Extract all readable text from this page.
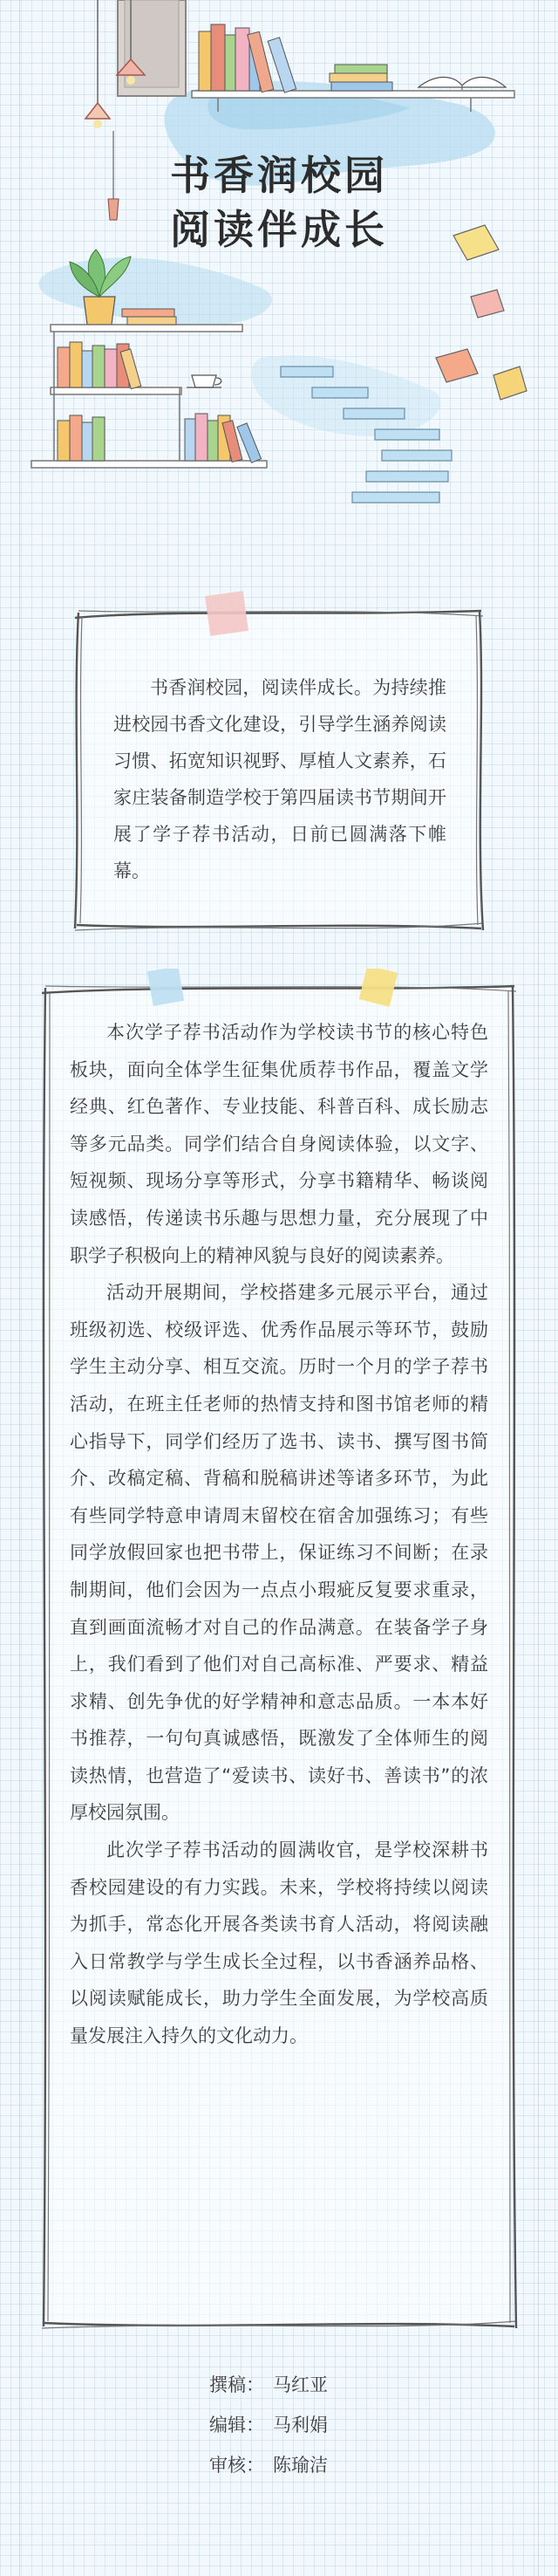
书香润校园
阅读伴成长

书香润校园，阅读伴成长。为持续推进校园书香文化建设，引导学生涵养阅读习惯、拓宽知识视野、厚植人文素养，石家庄装备制造学校于第四届读书节期间开展了学子荐书活动，日前已圆满落下帷幕。

本次学子荐书活动作为学校读书节的核心特色板块，面向全体学生征集优质荐书作品，覆盖文学经典、红色著作、专业技能、科普百科、成长励志等多元品类。同学们结合自身阅读体验，以文字、短视频、现场分享等形式，分享书籍精华、畅谈阅读感悟，传递读书乐趣与思想力量，充分展现了中职学子积极向上的精神风貌与良好的阅读素养。

活动开展期间，学校搭建多元展示平台，通过班级初选、校级评选、优秀作品展示等环节，鼓励学生主动分享、相互交流。历时一个月的学子荐书活动，在班主任老师的热情支持和图书馆老师的精心指导下，同学们经历了选书、读书、撰写图书简介、改稿定稿、背稿和脱稿讲述等诸多环节，为此有些同学特意申请周末留校在宿舍加强练习；有些同学放假回家也把书带上，保证练习不间断；在录制期间，他们会因为一点点小瑕疵反复要求重录，直到画面流畅才对自己的作品满意。在装备学子身上，我们看到了他们对自己高标准、严要求、精益求精、创先争优的好学精神和意志品质。一本本好书推荐，一句句真诚感悟，既激发了全体师生的阅读热情，也营造了“爱读书、读好书、善读书”的浓厚校园氛围。

此次学子荐书活动的圆满收官，是学校深耕书香校园建设的有力实践。未来，学校将持续以阅读为抓手，常态化开展各类读书育人活动，将阅读融入日常教学与学生成长全过程，以书香涵养品格、以阅读赋能成长，助力学生全面发展，为学校高质量发展注入持久的文化动力。

撰稿： 马红亚
编辑： 马利娟
审核： 陈瑜洁
